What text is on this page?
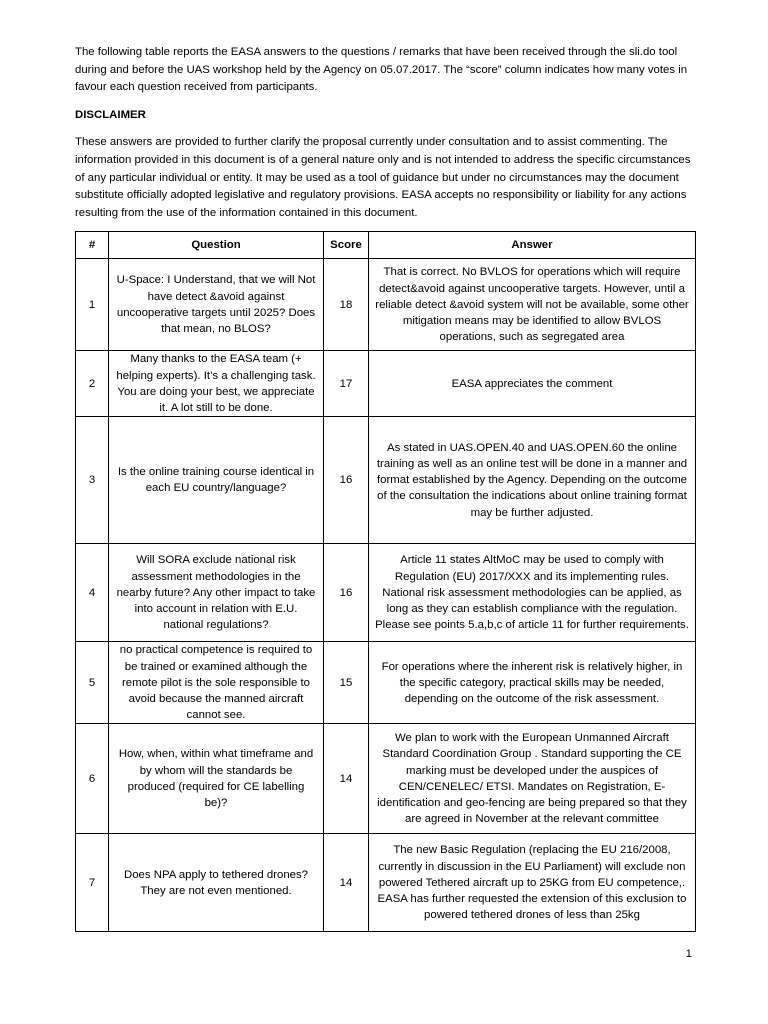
The following table reports the EASA answers to the questions / remarks that have been received through the sli.do tool during and before the UAS workshop held by the Agency on 05.07.2017. The “score” column indicates how many votes in favour each question received from participants.

DISCLAIMER

These answers are provided to further clarify the proposal currently under consultation and to assist commenting. The information provided in this document is of a general nature only and is not intended to address the specific circumstances of any particular individual or entity. It may be used as a tool of guidance but under no circumstances may the document substitute officially adopted legislative and regulatory provisions. EASA accepts no responsibility or liability for any actions resulting from the use of the information contained in this document.

#	Question	Score	Answer
1	U-Space: I Understand, that we will Not have detect &avoid against uncooperative targets until 2025? Does that mean, no BLOS?	18	That is correct. No BVLOS for operations which will require detect&avoid against uncooperative targets. However, until a reliable detect &avoid system will not be available, some other mitigation means may be identified to allow BVLOS operations, such as segregated area
2	Many thanks to the EASA team (+ helping experts). It’s a challenging task. You are doing your best, we appreciate it. A lot still to be done.	17	EASA appreciates the comment
3	Is the online training course identical in each EU country/language?	16	As stated in UAS.OPEN.40 and UAS.OPEN.60 the online training as well as an online test will be done in a manner and format established by the Agency. Depending on the outcome of the consultation the indications about online training format may be further adjusted.
4	Will SORA exclude national risk assessment methodologies in the nearby future? Any other impact to take into account in relation with E.U. national regulations?	16	Article 11 states AltMoC may be used to comply with Regulation (EU) 2017/XXX and its implementing rules. National risk assessment methodologies can be applied, as long as they can establish compliance with the regulation. Please see points 5.a,b,c of article 11 for further requirements.
5	no practical competence is required to be trained or examined although the remote pilot is the sole responsible to avoid because the manned aircraft cannot see.	15	For operations where the inherent risk is relatively higher, in the specific category, practical skills may be needed, depending on the outcome of the risk assessment.
6	How, when, within what timeframe and by whom will the standards be produced (required for CE labelling be)?	14	We plan to work with the European Unmanned Aircraft Standard Coordination Group . Standard supporting the CE marking must be developed under the auspices of CEN/CENELEC/ ETSI. Mandates on Registration, E-identification and geo-fencing are being prepared so that they are agreed in November at the relevant committee
7	Does NPA apply to tethered drones? They are not even mentioned.	14	The new Basic Regulation (replacing the EU 216/2008, currently in discussion in the EU Parliament) will exclude non powered Tethered aircraft up to 25KG from EU competence,. EASA has further requested the extension of this exclusion to powered tethered drones of less than 25kg
1
